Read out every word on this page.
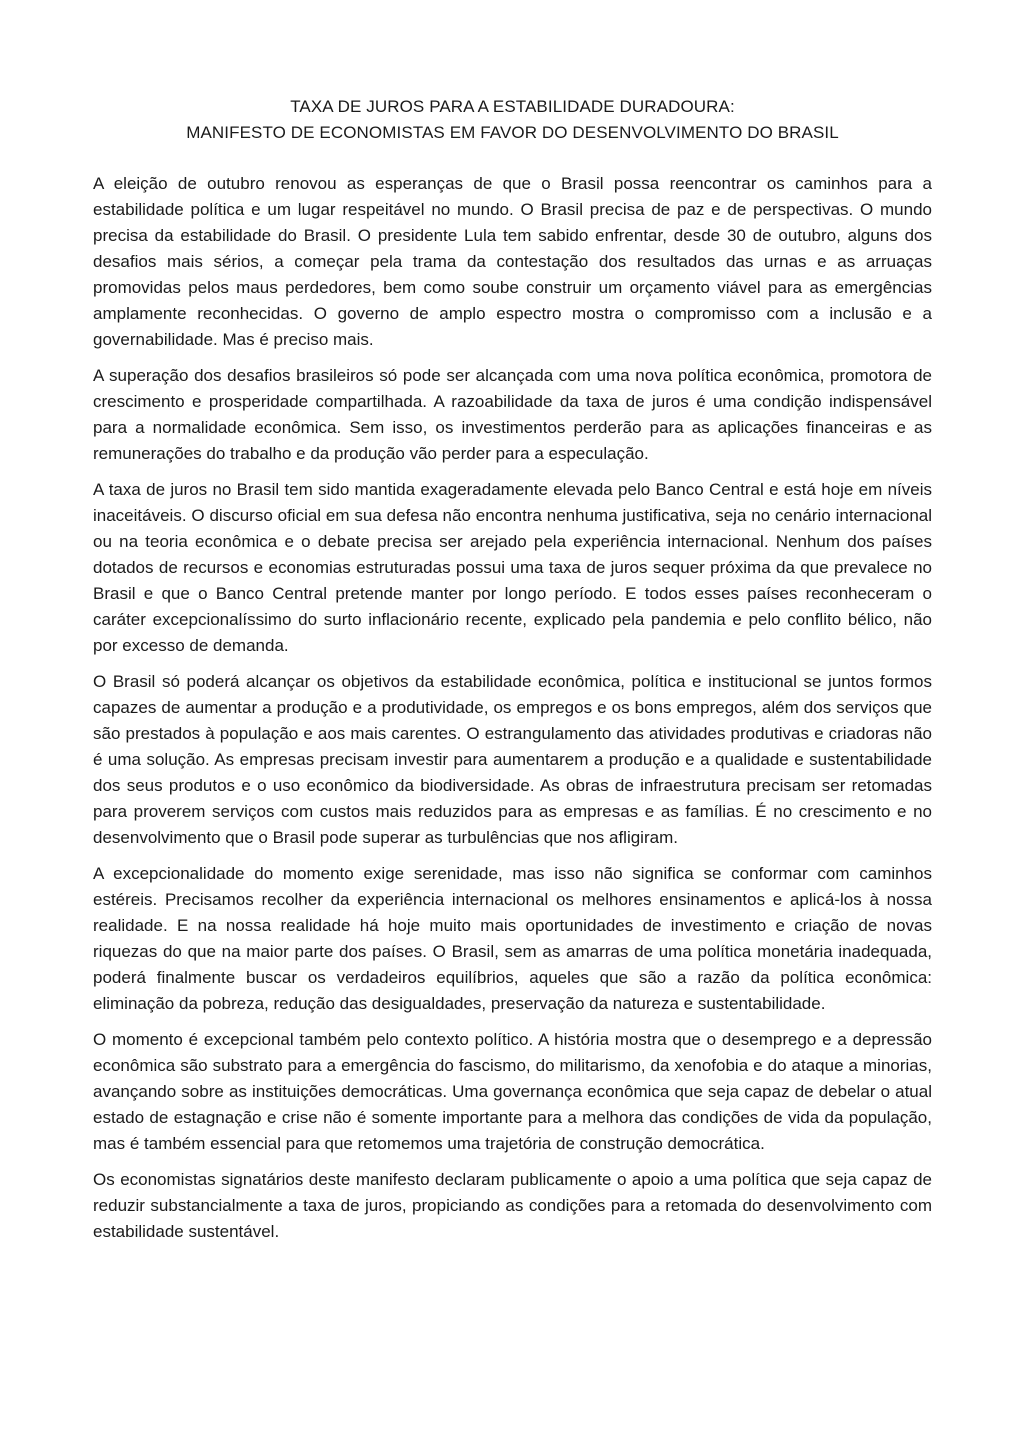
TAXA DE JUROS PARA A ESTABILIDADE DURADOURA:
MANIFESTO DE ECONOMISTAS EM FAVOR DO DESENVOLVIMENTO DO BRASIL

A eleição de outubro renovou as esperanças de que o Brasil possa reencontrar os caminhos para a estabilidade política e um lugar respeitável no mundo. O Brasil precisa de paz e de perspectivas. O mundo precisa da estabilidade do Brasil. O presidente Lula tem sabido enfrentar, desde 30 de outubro, alguns dos desafios mais sérios, a começar pela trama da contestação dos resultados das urnas e as arruaças promovidas pelos maus perdedores, bem como soube construir um orçamento viável para as emergências amplamente reconhecidas. O governo de amplo espectro mostra o compromisso com a inclusão e a governabilidade. Mas é preciso mais.

A superação dos desafios brasileiros só pode ser alcançada com uma nova política econômica, promotora de crescimento e prosperidade compartilhada. A razoabilidade da taxa de juros é uma condição indispensável para a normalidade econômica. Sem isso, os investimentos perderão para as aplicações financeiras e as remunerações do trabalho e da produção vão perder para a especulação.

A taxa de juros no Brasil tem sido mantida exageradamente elevada pelo Banco Central e está hoje em níveis inaceitáveis. O discurso oficial em sua defesa não encontra nenhuma justificativa, seja no cenário internacional ou na teoria econômica e o debate precisa ser arejado pela experiência internacional. Nenhum dos países dotados de recursos e economias estruturadas possui uma taxa de juros sequer próxima da que prevalece no Brasil e que o Banco Central pretende manter por longo período. E todos esses países reconheceram o caráter excepcionalíssimo do surto inflacionário recente, explicado pela pandemia e pelo conflito bélico, não por excesso de demanda.

O Brasil só poderá alcançar os objetivos da estabilidade econômica, política e institucional se juntos formos capazes de aumentar a produção e a produtividade, os empregos e os bons empregos, além dos serviços que são prestados à população e aos mais carentes. O estrangulamento das atividades produtivas e criadoras não é uma solução. As empresas precisam investir para aumentarem a produção e a qualidade e sustentabilidade dos seus produtos e o uso econômico da biodiversidade. As obras de infraestrutura precisam ser retomadas para proverem serviços com custos mais reduzidos para as empresas e as famílias. É no crescimento e no desenvolvimento que o Brasil pode superar as turbulências que nos afligiram.

A excepcionalidade do momento exige serenidade, mas isso não significa se conformar com caminhos estéreis. Precisamos recolher da experiência internacional os melhores ensinamentos e aplicá-los à nossa realidade. E na nossa realidade há hoje muito mais oportunidades de investimento e criação de novas riquezas do que na maior parte dos países. O Brasil, sem as amarras de uma política monetária inadequada, poderá finalmente buscar os verdadeiros equilíbrios, aqueles que são a razão da política econômica: eliminação da pobreza, redução das desigualdades, preservação da natureza e sustentabilidade.

O momento é excepcional também pelo contexto político. A história mostra que o desemprego e a depressão econômica são substrato para a emergência do fascismo, do militarismo, da xenofobia e do ataque a minorias, avançando sobre as instituições democráticas. Uma governança econômica que seja capaz de debelar o atual estado de estagnação e crise não é somente importante para a melhora das condições de vida da população, mas é também essencial para que retomemos uma trajetória de construção democrática.

Os economistas signatários deste manifesto declaram publicamente o apoio a uma política que seja capaz de reduzir substancialmente a taxa de juros, propiciando as condições para a retomada do desenvolvimento com estabilidade sustentável.
